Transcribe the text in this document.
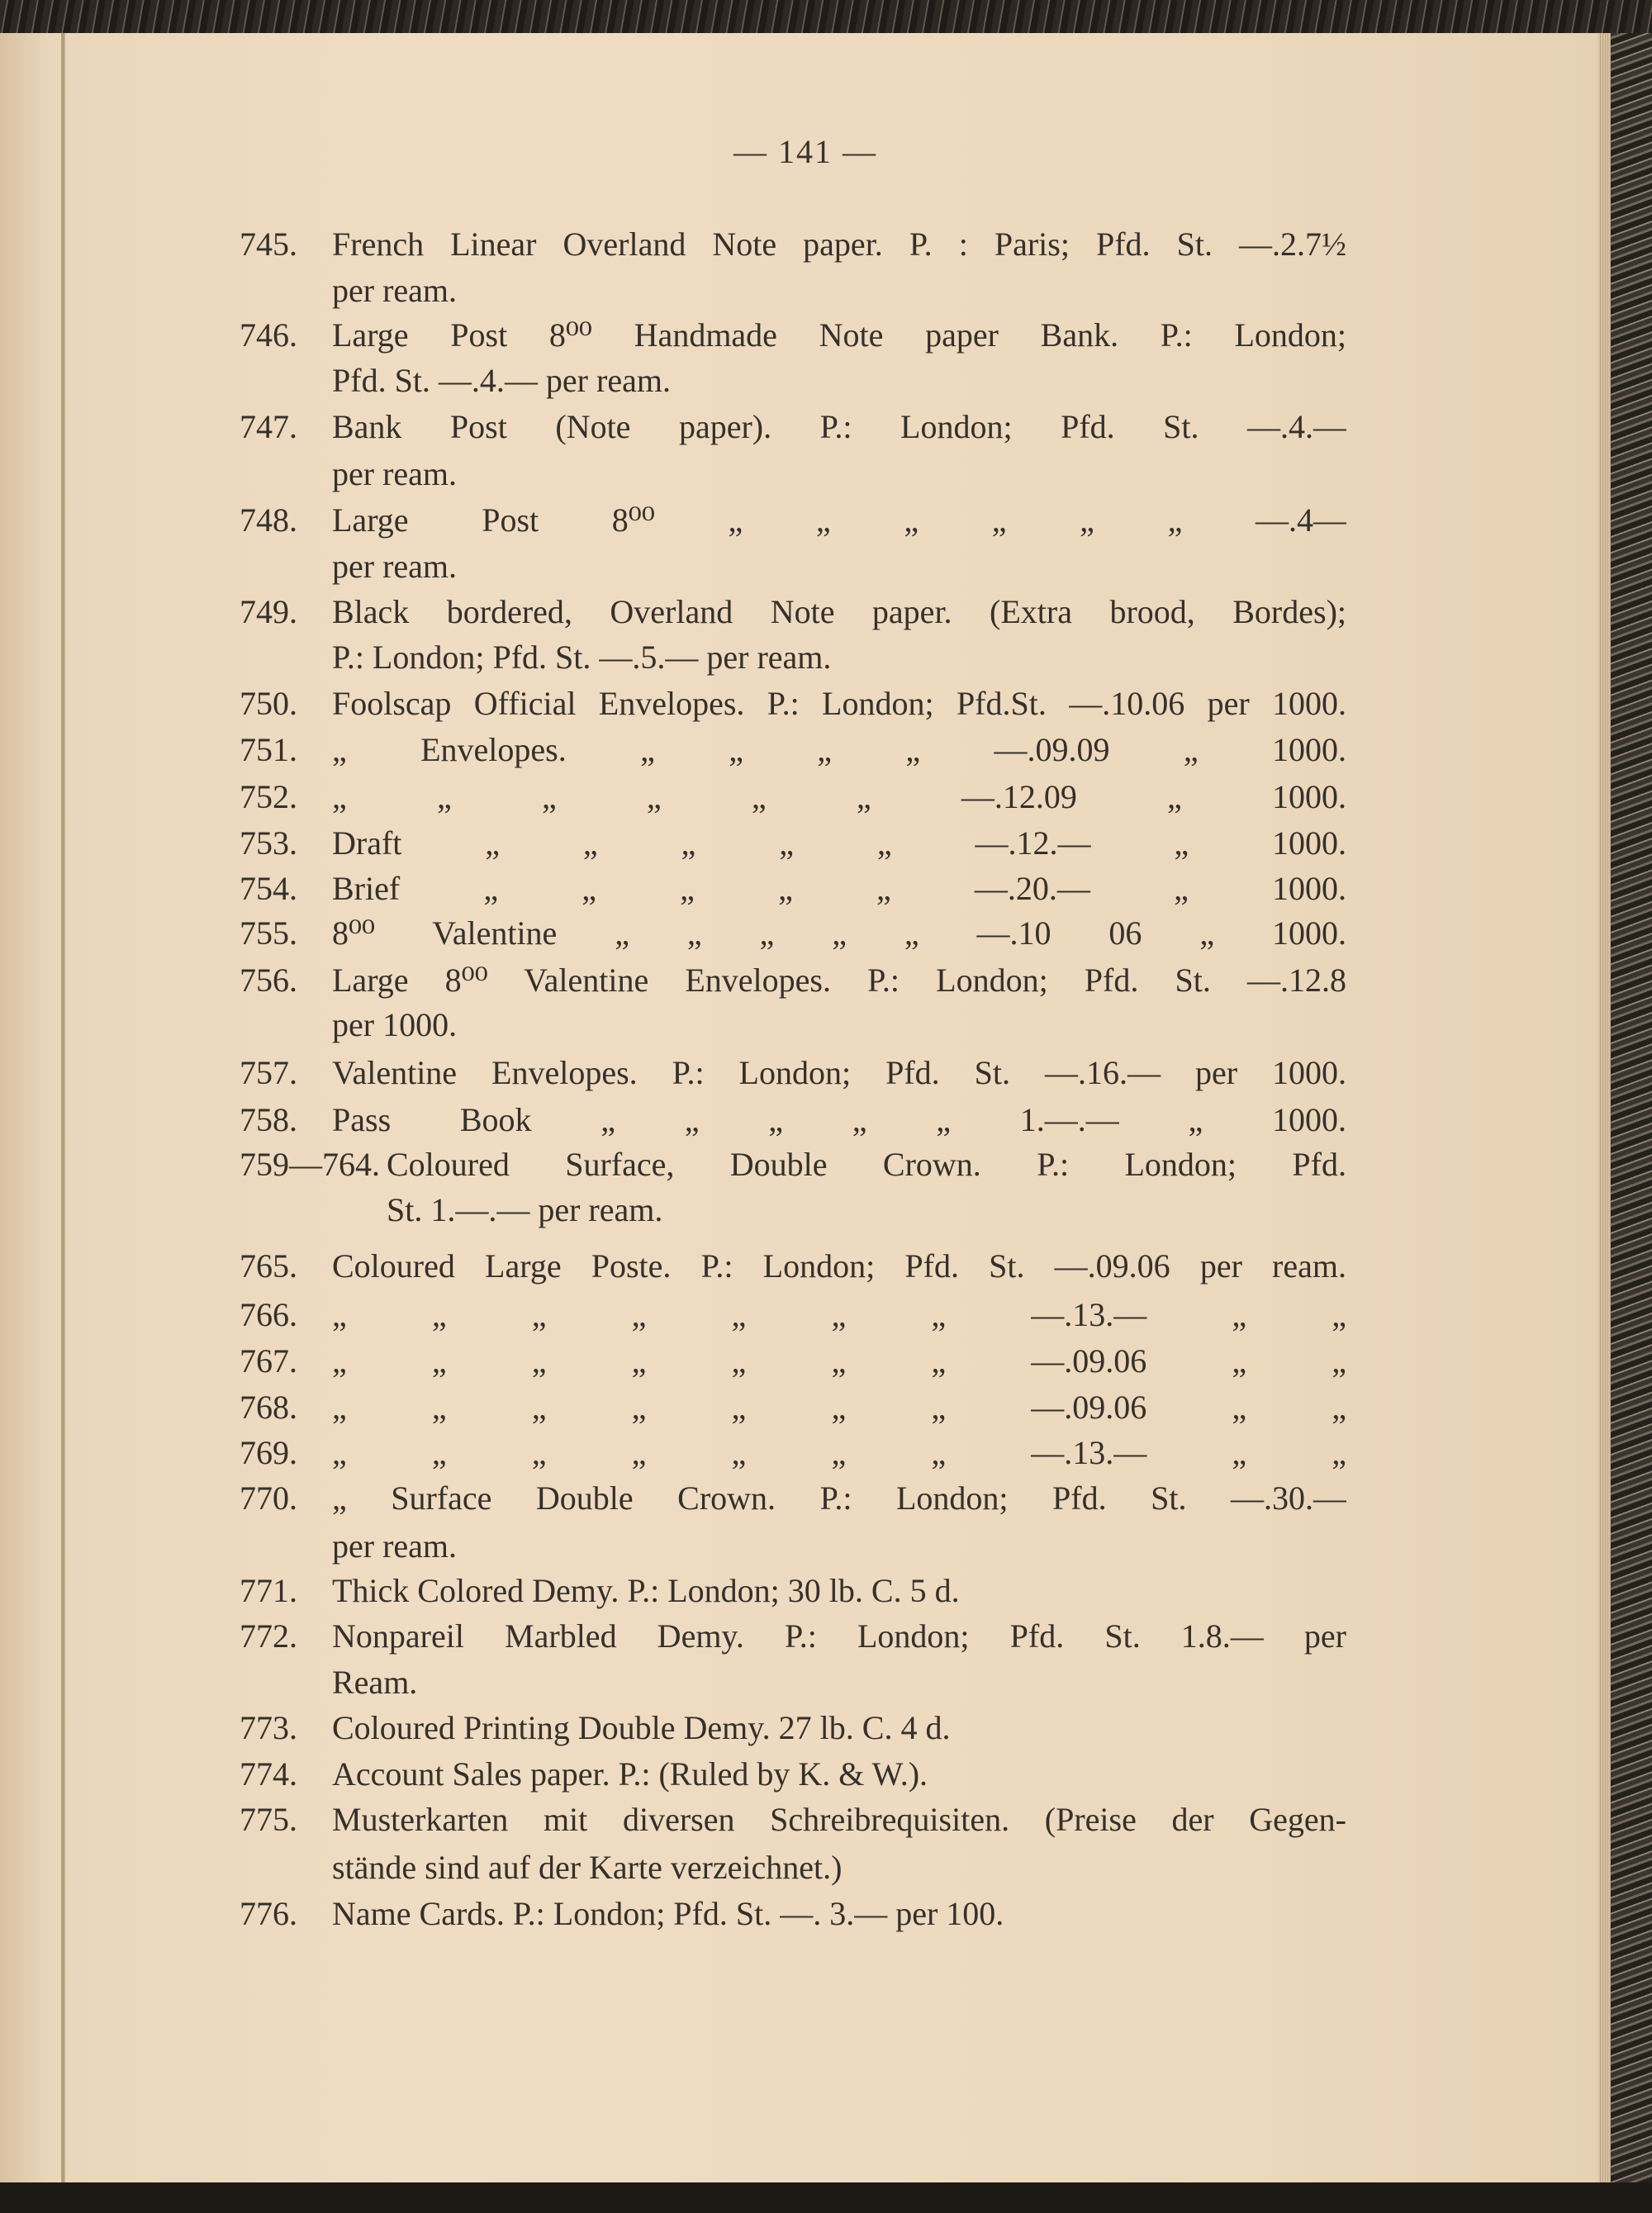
— 141 —
745. French Linear Overland Note paper. P. : Paris; Pfd. St. —.2.7½
per ream.
746. Large Post 8⁰⁰ Handmade Note paper Bank. P.: London;
Pfd. St. —.4.— per ream.
747. Bank Post (Note paper). P.: London; Pfd. St. —.4.—
per ream.
748. Large Post 8⁰⁰ „ „ „ „ „ „ —.4—
per ream.
749. Black bordered, Overland Note paper. (Extra brood, Bordes);
P.: London; Pfd. St. —.5.— per ream.
750. Foolscap Official Envelopes. P.: London; Pfd.St. —.10.06 per 1000.
751. „ Envelopes. „ „ „ „ —.09.09 „ 1000.
752. „ „ „ „ „ „ —.12.09 „ 1000.
753. Draft „ „ „ „ „ —.12.— „ 1000.
754. Brief „ „ „ „ „ —.20.— „ 1000.
755. 8⁰⁰ Valentine „ „ „ „ „ —.10 06 „ 1000.
756. Large 8⁰⁰ Valentine Envelopes. P.: London; Pfd. St. —.12.8
per 1000.
757. Valentine Envelopes. P.: London; Pfd. St. —.16.— per 1000.
758. Pass Book „ „ „ „ „ 1.—.— „ 1000.
759—764. Coloured Surface, Double Crown. P.: London; Pfd.
St. 1.—.— per ream.
765. Coloured Large Poste. P.: London; Pfd. St. —.09.06 per ream.
766. „ „ „ „ „ „ „ —.13.— „ „
767. „ „ „ „ „ „ „ —.09.06 „ „
768. „ „ „ „ „ „ „ —.09.06 „ „
769. „ „ „ „ „ „ „ —.13.— „ „
770. „ Surface Double Crown. P.: London; Pfd. St. —.30.—
per ream.
771. Thick Colored Demy. P.: London; 30 lb. C. 5 d.
772. Nonpareil Marbled Demy. P.: London; Pfd. St. 1.8.— per
Ream.
773. Coloured Printing Double Demy. 27 lb. C. 4 d.
774. Account Sales paper. P.: (Ruled by K. & W.).
775. Musterkarten mit diversen Schreibrequisiten. (Preise der Gegen-
stände sind auf der Karte verzeichnet.)
776. Name Cards. P.: London; Pfd. St. —. 3.— per 100.
